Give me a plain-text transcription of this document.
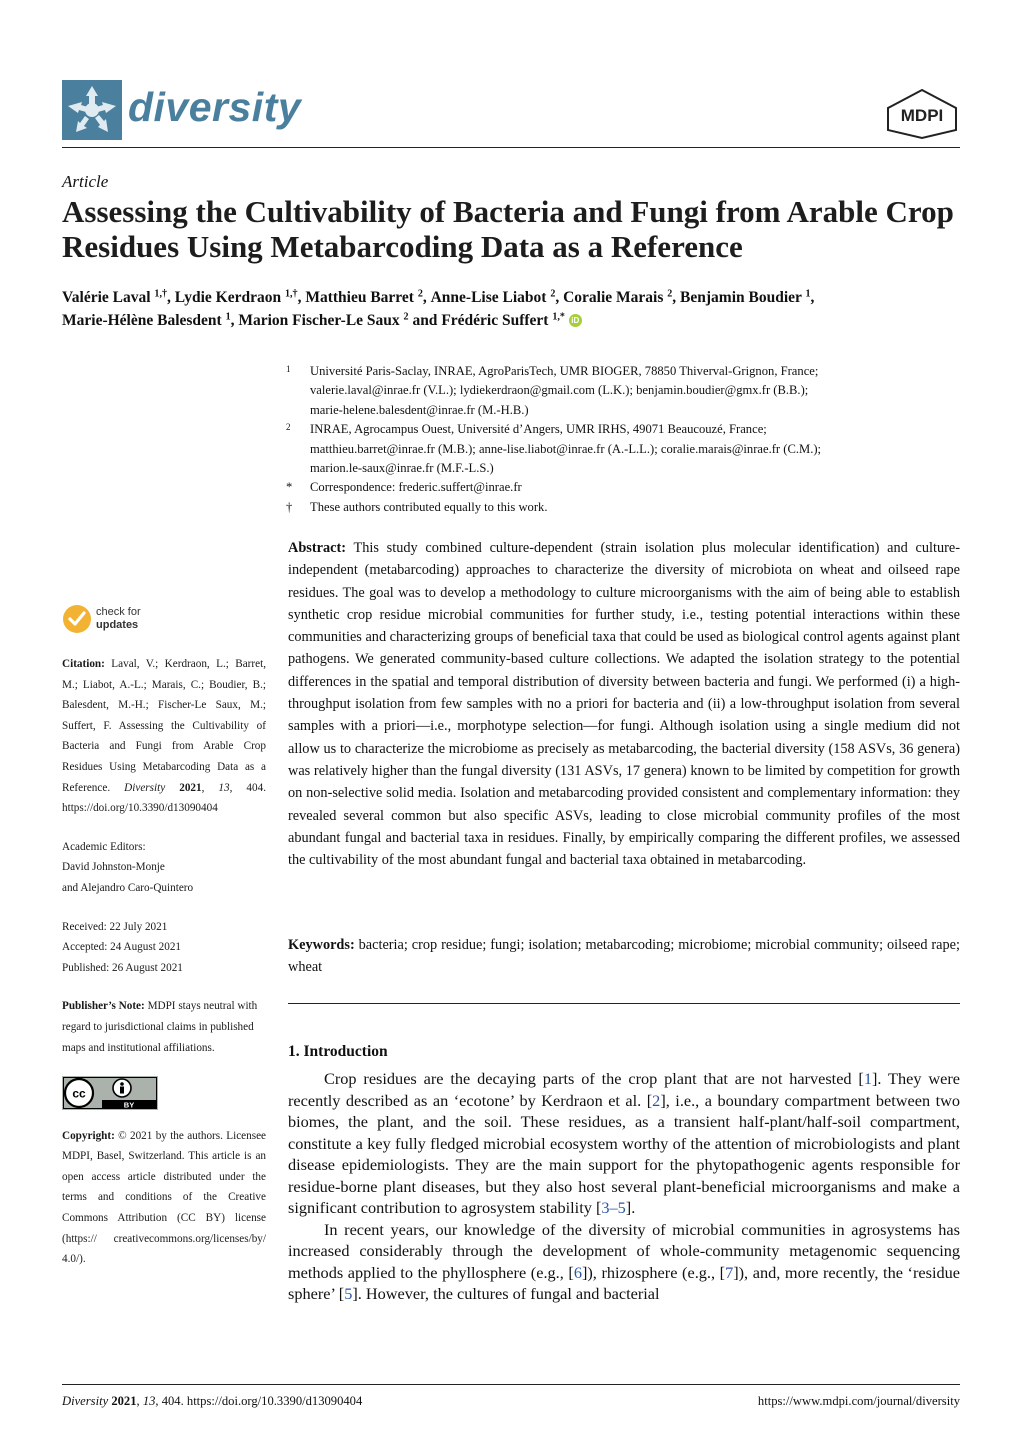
diversity	MDPI
Article
Assessing the Cultivability of Bacteria and Fungi from Arable Crop Residues Using Metabarcoding Data as a Reference
Valérie Laval $^{1,\dagger}$, Lydie Kerdraon $^{1,\dagger}$, Matthieu Barret $^2$, Anne-Lise Liabot $^2$, Coralie Marais $^2$, Benjamin Boudier $^1$,
Marie-Hélène Balesdent $^1$, Marion Fischer-Le Saux $^2$ and Frédéric Suffert $^{1,*}$ iD
1 Université Paris-Saclay, INRAE, AgroParisTech, UMR BIOGER, 78850 Thiverval-Grignon, France;
valerie.laval@inrae.fr (V.L.); lydiekerdraon@gmail.com (L.K.); benjamin.boudier@gmx.fr (B.B.);
marie-helene.balesdent@inrae.fr (M.-H.B.)
2 INRAE, Agrocampus Ouest, Université d’Angers, UMR IRHS, 49071 Beaucouzé, France;
matthieu.barret@inrae.fr (M.B.); anne-lise.liabot@inrae.fr (A.-L.L.); coralie.marais@inrae.fr (C.M.);
marion.le-saux@inrae.fr (M.F.-L.S.)
* Correspondence: frederic.suffert@inrae.fr
† These authors contributed equally to this work.
Abstract: This study combined culture-dependent (strain isolation plus molecular identification) and culture-independent (metabarcoding) approaches to characterize the diversity of microbiota on wheat and oilseed rape residues. The goal was to develop a methodology to culture microorganisms with the aim of being able to establish synthetic crop residue microbial communities for further study, i.e., testing potential interactions within these communities and characterizing groups of beneficial taxa that could be used as biological control agents against plant pathogens. We generated community-based culture collections. We adapted the isolation strategy to the potential differences in the spatial and temporal distribution of diversity between bacteria and fungi. We performed (i) a high-throughput isolation from few samples with no a priori for bacteria and (ii) a low-throughput isolation from several samples with a priori—i.e., morphotype selection—for fungi. Although isolation using a single medium did not allow us to characterize the microbiome as precisely as metabarcoding, the bacterial diversity (158 ASVs, 36 genera) was relatively higher than the fungal diversity (131 ASVs, 17 genera) known to be limited by competition for growth on non-selective solid media. Isolation and metabarcoding provided consistent and complementary information: they revealed several common but also specific ASVs, leading to close microbial community profiles of the most abundant fungal and bacterial taxa in residues. Finally, by empirically comparing the different profiles, we assessed the cultivability of the most abundant fungal and bacterial taxa obtained in metabarcoding.
Keywords: bacteria; crop residue; fungi; isolation; metabarcoding; microbiome; microbial community; oilseed rape; wheat
check for
updates
Citation: Laval, V.; Kerdraon, L.; Barret, M.; Liabot, A.-L.; Marais, C.; Boudier, B.; Balesdent, M.-H.; Fischer-Le Saux, M.; Suffert, F. Assessing the Cultivability of Bacteria and Fungi from Arable Crop Residues Using Metabarcoding Data as a Reference. Diversity 2021, 13, 404. https://doi.org/10.3390/d13090404
Academic Editors:
David Johnston-Monje
and Alejandro Caro-Quintero
Received: 22 July 2021
Accepted: 24 August 2021
Published: 26 August 2021
Publisher’s Note: MDPI stays neutral with regard to jurisdictional claims in published maps and institutional affiliations.
cc
BY
Copyright: © 2021 by the authors. Licensee MDPI, Basel, Switzerland. This article is an open access article distributed under the terms and conditions of the Creative Commons Attribution (CC BY) license (https:// creativecommons.org/licenses/by/ 4.0/).
1. Introduction

Crop residues are the decaying parts of the crop plant that are not harvested [1]. They were recently described as an ‘ecotone’ by Kerdraon et al. [2], i.e., a boundary compartment between two biomes, the plant, and the soil. These residues, as a transient half-plant/half-soil compartment, constitute a key fully fledged microbial ecosystem worthy of the attention of microbiologists and plant disease epidemiologists. They are the main support for the phytopathogenic agents responsible for residue-borne plant diseases, but they also host several plant-beneficial microorganisms and make a significant contribution to agrosystem stability [3–5].

In recent years, our knowledge of the diversity of microbial communities in agrosystems has increased considerably through the development of whole-community metagenomic sequencing methods applied to the phyllosphere (e.g., [6]), rhizosphere (e.g., [7]), and, more recently, the ‘residue sphere’ [5]. However, the cultures of fungal and bacterial

Diversity 2021, 13, 404. https://doi.org/10.3390/d13090404	https://www.mdpi.com/journal/diversity
